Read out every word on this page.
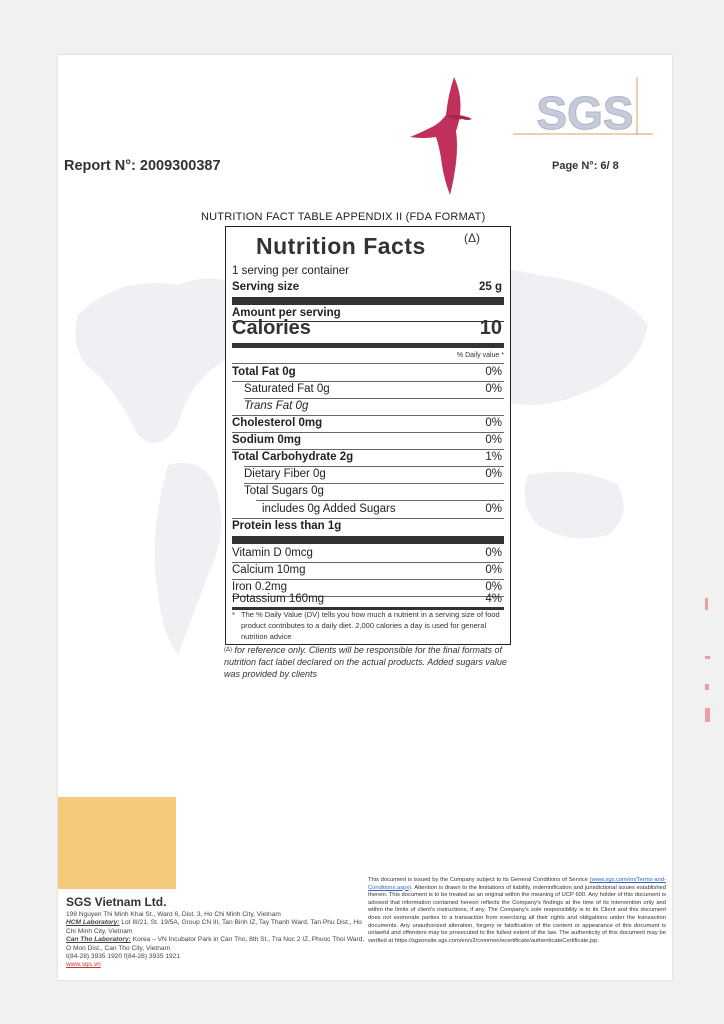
SGS
Report N°: 2009300387	Page N°: 6/ 8
NUTRITION FACT TABLE APPENDIX II (FDA FORMAT)
Nutrition Facts	(Δ)
1 serving per container
Serving size	25 g
Amount per serving
Calories	10
% Daily value *
Total Fat 0g	0%
Saturated Fat 0g	0%
Trans Fat 0g
Cholesterol 0mg	0%
Sodium 0mg	0%
Total Carbohydrate 2g	1%
Dietary Fiber 0g	0%
Total Sugars 0g
includes 0g Added Sugars	0%
Protein less than 1g
Vitamin D 0mcg	0%
Calcium 10mg	0%
Iron 0.2mg	0%
Potassium 160mg	4%
* The % Daily Value (DV) tells you how much a nutrient in a serving size of food product contributes to a daily diet. 2,000 calories a day is used for general nutrition advice
$^{(\Delta)}$ for reference only. Clients will be responsible for the final formats of nutrition fact label declared on the actual products. Added sugars value was provided by clients
SGS Vietnam Ltd.
198 Nguyen Thi Minh Khai St., Ward 6, Dist. 3, Ho Chi Minh City, Vietnam
HCM Laboratory: Lot III/21, St. 19/5A, Group CN III, Tan Binh IZ, Tay Thanh Ward, Tan Phu Dist., Ho Chi Minh City, Vietnam
Can Tho Laboratory: Korea – VN Incubator Park in Can Tho, 8th St., Tra Noc 2 IZ, Phuoc Thoi Ward, O Mon Dist., Can Tho City, Vietnam
t(84-28) 3935 1920 f(84-28) 3935 1921
www.sgs.vn
This document is issued by the Company subject to its General Conditions of Service (www.sgs.com/en/Terms-and-Conditions.aspx). Attention is drawn to the limitations of liability, indemnification and jurisdictional issues established therein. This document is to be treated as an original within the meaning of UCP 600. Any holder of this document is advised that information contained hereon reflects the Company's findings at the time of its intervention only and within the limits of client's instructions, if any. The Company's sole responsibility is to its Client and this document does not exonerate parties to a transaction from exercising all their rights and obligations under the transaction documents. Any unauthorized alteration, forgery or falsification of the content or appearance of this document is unlawful and offenders may be prosecuted to the fullest extent of the law. The authenticity of this document may be verified at https://sgsonsite.sgs.com/en/v2/common/ecertificate/authenticateCertificate.jsp.
